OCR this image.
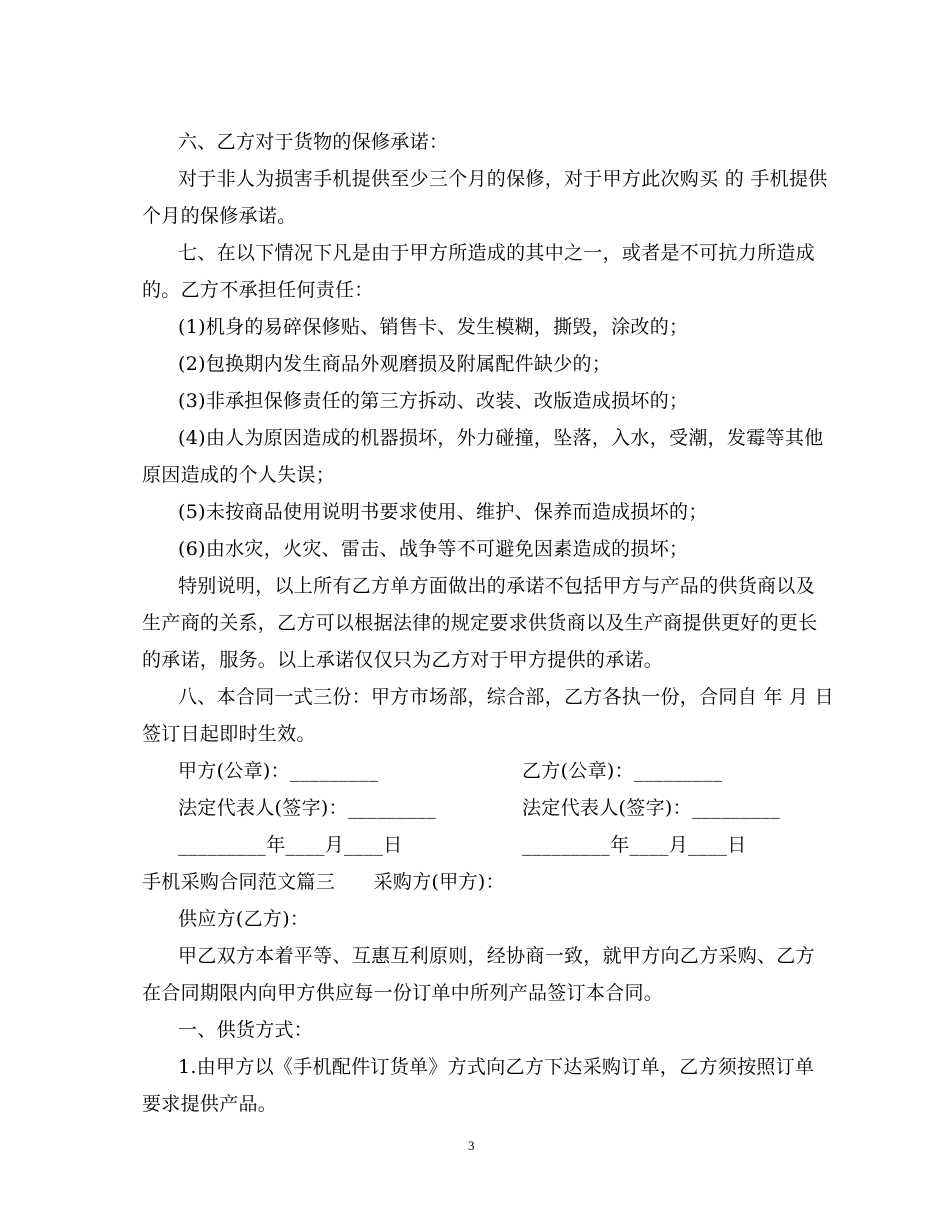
六、乙方对于货物的保修承诺：
对于非人为损害手机提供至少三个月的保修，对于甲方此次购买 的 手机提供
个月的保修承诺。
七、在以下情况下凡是由于甲方所造成的其中之一，或者是不可抗力所造成
的。乙方不承担任何责任：
(1)机身的易碎保修贴、销售卡、发生模糊，撕毁，涂改的；
(2)包换期内发生商品外观磨损及附属配件缺少的；
(3)非承担保修责任的第三方拆动、改装、改版造成损坏的；
(4)由人为原因造成的机器损坏，外力碰撞，坠落，入水，受潮，发霉等其他
原因造成的个人失误；
(5)未按商品使用说明书要求使用、维护、保养而造成损坏的；
(6)由水灾，火灾、雷击、战争等不可避免因素造成的损坏；
特别说明，以上所有乙方单方面做出的承诺不包括甲方与产品的供货商以及
生产商的关系，乙方可以根据法律的规定要求供货商以及生产商提供更好的更长
的承诺，服务。以上承诺仅仅只为乙方对于甲方提供的承诺。
八、本合同一式三份：甲方市场部，综合部，乙方各执一份，合同自 年 月 日
签订日起即时生效。
甲方(公章)：_________	乙方(公章)：_________
法定代表人(签字)：_________	法定代表人(签字)：_________
_________年____月____日	_________年____月____日
手机采购合同范文篇三　　采购方(甲方)：
供应方(乙方)：
甲乙双方本着平等、互惠互利原则，经协商一致，就甲方向乙方采购、乙方
在合同期限内向甲方供应每一份订单中所列产品签订本合同。
一、供货方式：
1.由甲方以《手机配件订货单》方式向乙方下达采购订单，乙方须按照订单
要求提供产品。
3
